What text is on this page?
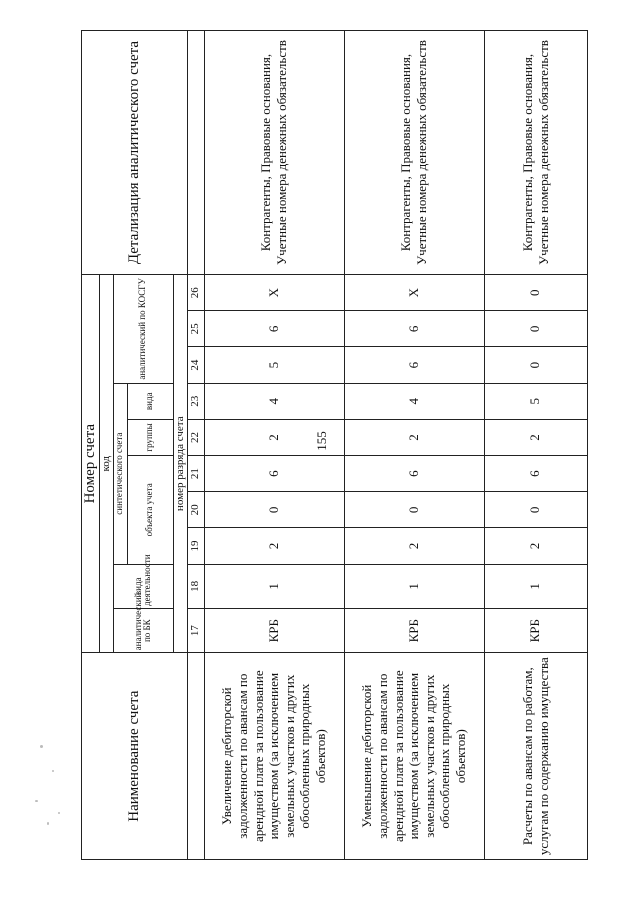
155
Наименование счета	Номер счета										Детализация аналитического счета
	код										
	аналитический по БК	вида деятельности	синтетического счета					аналитический по КОСГУ			
			объекта учета			группы	вида				
	номер разряда счета										
	17	18	19	20	21	22	23	24	25	26	
Увеличение дебиторской задолженности по авансам по арендной плате за пользование имуществом (за исключением земельных участков и других обособленных природных объектов)	КРБ	1	2	0	6	2	4	5	6	X	Контрагенты, Правовые основания, Учетные номера денежных обязательств
Уменьшение дебиторской задолженности по авансам по арендной плате за пользование имуществом (за исключением земельных участков и других обособленных природных объектов)	КРБ	1	2	0	6	2	4	6	6	X	Контрагенты, Правовые основания, Учетные номера денежных обязательств
Расчеты по авансам по работам, услугам по содержанию имущества	КРБ	1	2	0	6	2	5	0	0	0	Контрагенты, Правовые основания, Учетные номера денежных обязательств
